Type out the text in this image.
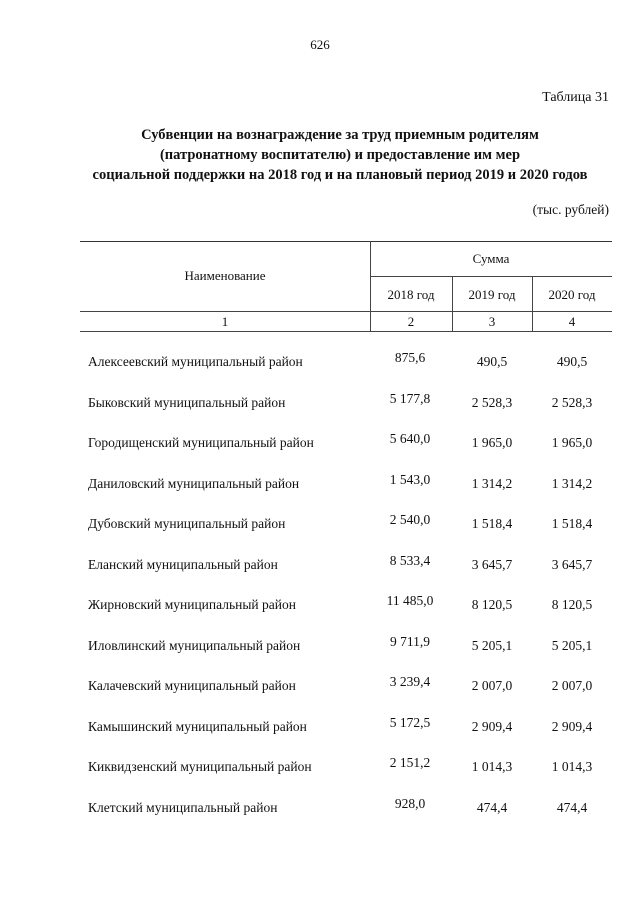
626
Таблица 31
Субвенции на вознаграждение за труд приемным родителям
(патронатному воспитателю) и предоставление им мер
социальной поддержки на 2018 год и на плановый период 2019 и 2020 годов
(тыс. рублей)
Наименование
Сумма
2018 год	2019 год	2020 год
1	2	3	4
Алексеевский муниципальный район	875,6	490,5	490,5
Быковский муниципальный район	5 177,8	2 528,3	2 528,3
Городищенский муниципальный район	5 640,0	1 965,0	1 965,0
Даниловский муниципальный район	1 543,0	1 314,2	1 314,2
Дубовский муниципальный район	2 540,0	1 518,4	1 518,4
Еланский муниципальный район	8 533,4	3 645,7	3 645,7
Жирновский муниципальный район	11 485,0	8 120,5	8 120,5
Иловлинский муниципальный район	9 711,9	5 205,1	5 205,1
Калачевский муниципальный район	3 239,4	2 007,0	2 007,0
Камышинский муниципальный район	5 172,5	2 909,4	2 909,4
Киквидзенский муниципальный район	2 151,2	1 014,3	1 014,3
Клетский муниципальный район	928,0	474,4	474,4
